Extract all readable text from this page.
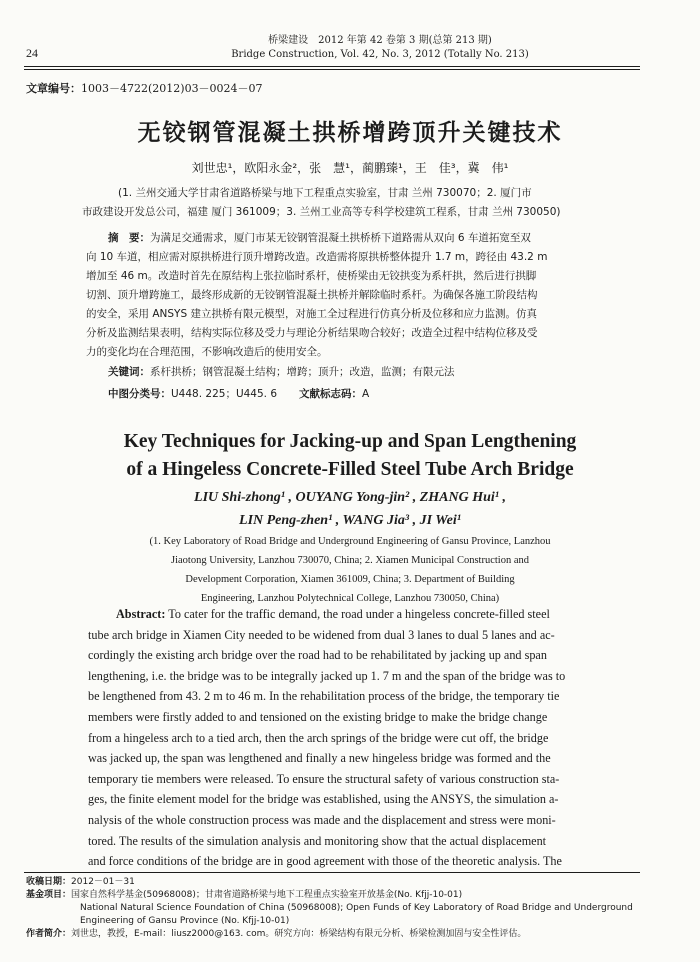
桥梁建设　2012 年第 42 卷第 3 期(总第 213 期)
Bridge Construction, Vol. 42, No. 3, 2012 (Totally No. 213)
24
文章编号：1003－4722(2012)03－0024－07
无铰钢管混凝土拱桥增跨顶升关键技术
刘世忠¹，欧阳永金²，张　慧¹，蔺鹏臻¹，王　佳³，冀　伟¹
(1. 兰州交通大学甘肃省道路桥梁与地下工程重点实验室，甘肃 兰州 730070；2. 厦门市
市政建设开发总公司，福建 厦门 361009；3. 兰州工业高等专科学校建筑工程系，甘肃 兰州 730050)
摘　要：为满足交通需求，厦门市某无铰钢管混凝土拱桥桥下道路需从双向 6 车道拓宽至双
向 10 车道，相应需对原拱桥进行顶升增跨改造。改造需将原拱桥整体提升 1.7 m，跨径由 43.2 m
增加至 46 m。改造时首先在原结构上张拉临时系杆，使桥梁由无铰拱变为系杆拱，然后进行拱脚
切割、顶升增跨施工，最终形成新的无铰钢管混凝土拱桥并解除临时系杆。为确保各施工阶段结构
的安全，采用 ANSYS 建立拱桥有限元模型，对施工全过程进行仿真分析及位移和应力监测。仿真
分析及监测结果表明，结构实际位移及受力与理论分析结果吻合较好；改造全过程中结构位移及受
力的变化均在合理范围，不影响改造后的使用安全。
关键词：系杆拱桥；钢管混凝土结构；增跨；顶升；改造，监测；有限元法
中图分类号：U448. 225；U445. 6 文献标志码：A
Key Techniques for Jacking-up and Span Lengthening
of a Hingeless Concrete-Filled Steel Tube Arch Bridge
LIU Shi-zhong¹ , OUYANG Yong-jin² , ZHANG Hui¹ ,
LIN Peng-zhen¹ , WANG Jia³ , JI Wei¹
(1. Key Laboratory of Road Bridge and Underground Engineering of Gansu Province, Lanzhou
Jiaotong University, Lanzhou 730070, China; 2. Xiamen Municipal Construction and
Development Corporation, Xiamen 361009, China; 3. Department of Building
Engineering, Lanzhou Polytechnical College, Lanzhou 730050, China)
Abstract: To cater for the traffic demand, the road under a hingeless concrete-filled steel
tube arch bridge in Xiamen City needed to be widened from dual 3 lanes to dual 5 lanes and ac-
cordingly the existing arch bridge over the road had to be rehabilitated by jacking up and span
lengthening, i.e. the bridge was to be integrally jacked up 1. 7 m and the span of the bridge was to
be lengthened from 43. 2 m to 46 m. In the rehabilitation process of the bridge, the temporary tie
members were firstly added to and tensioned on the existing bridge to make the bridge change
from a hingeless arch to a tied arch, then the arch springs of the bridge were cut off, the bridge
was jacked up, the span was lengthened and finally a new hingeless bridge was formed and the
temporary tie members were released. To ensure the structural safety of various construction sta-
ges, the finite element model for the bridge was established, using the ANSYS, the simulation a-
nalysis of the whole construction process was made and the displacement and stress were moni-
tored. The results of the simulation analysis and monitoring show that the actual displacement
and force conditions of the bridge are in good agreement with those of the theoretic analysis. The
收稿日期：2012－01－31
基金项目：国家自然科学基金(50968008)；甘肃省道路桥梁与地下工程重点实验室开放基金(No. Kfjj-10-01)
National Natural Science Foundation of China (50968008); Open Funds of Key Laboratory of Road Bridge and Underground
Engineering of Gansu Province (No. Kfjj-10-01)
作者简介：刘世忠，教授，E-mail：liusz2000@163. com。研究方向：桥梁结构有限元分析、桥梁检测加固与安全性评估。
